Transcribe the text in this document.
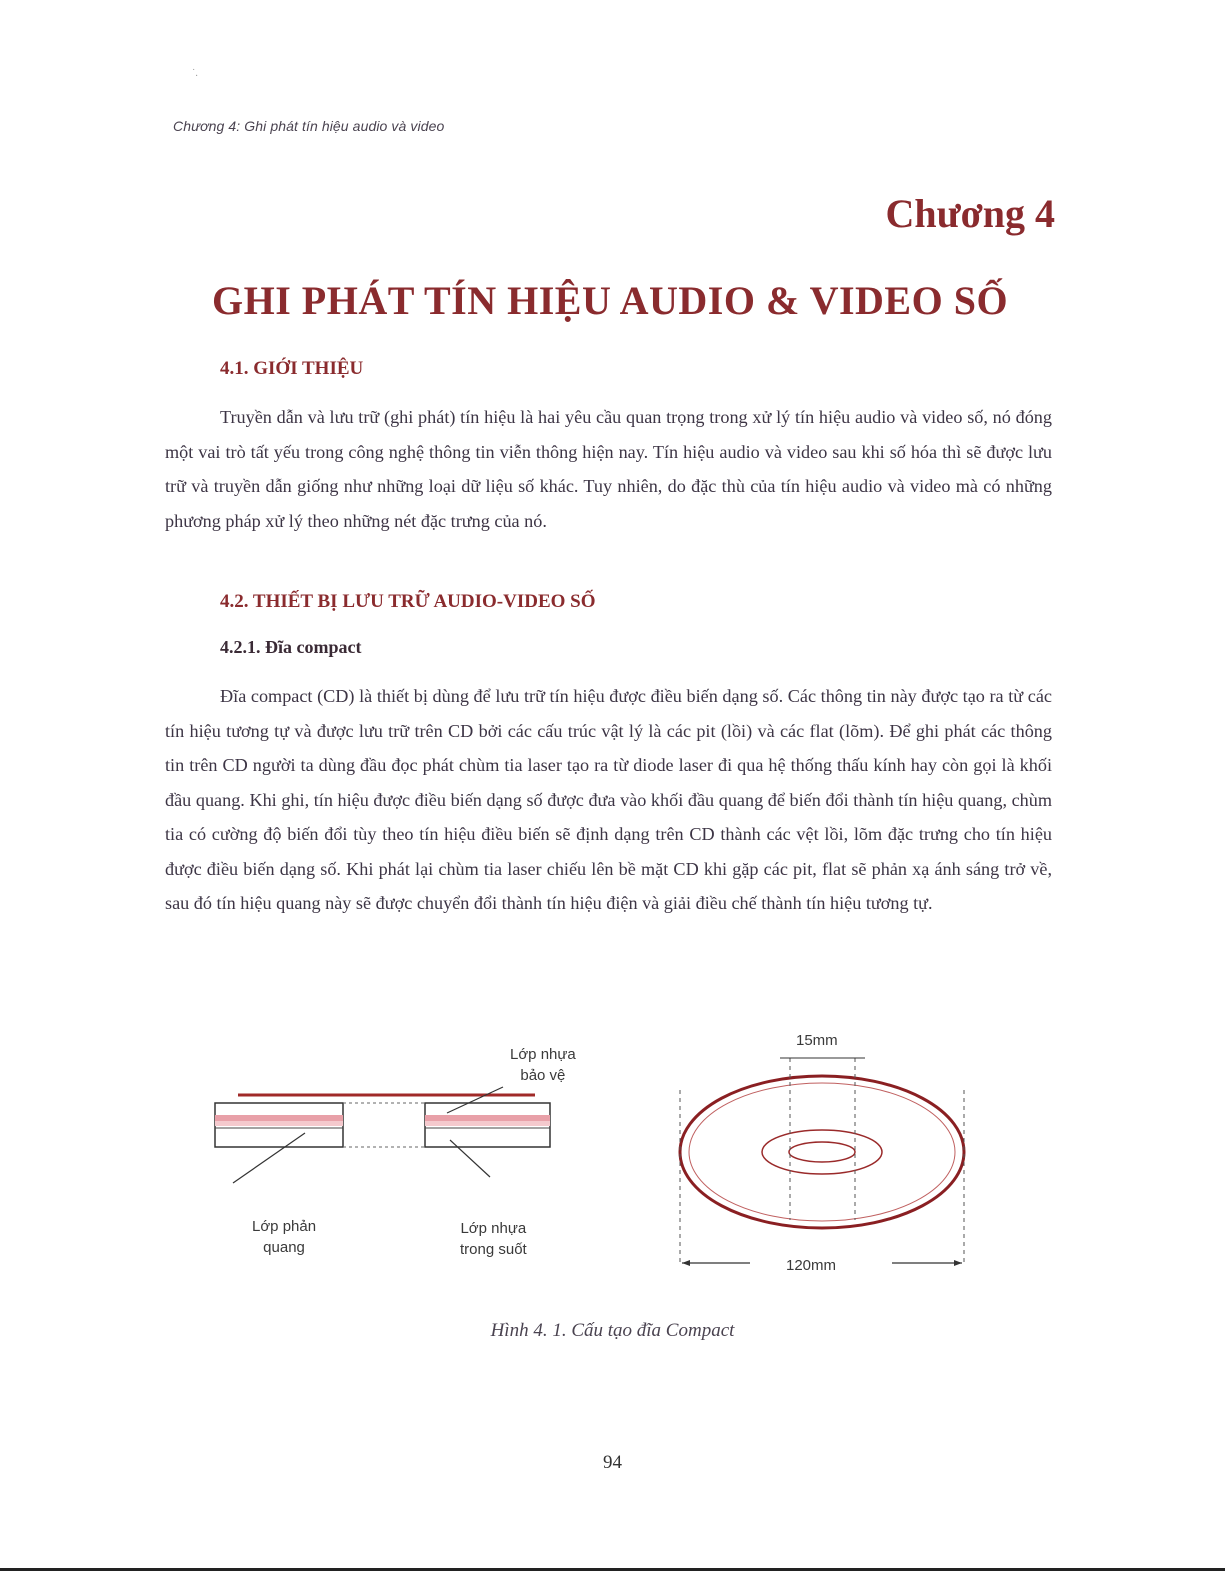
˙.
Chương 4: Ghi phát tín hiệu audio và video
Chương 4
GHI PHÁT TÍN HIỆU AUDIO & VIDEO SỐ
4.1. GIỚI THIỆU
Truyền dẫn và lưu trữ (ghi phát) tín hiệu là hai yêu cầu quan trọng trong xử lý tín hiệu audio và video số, nó đóng một vai trò tất yếu trong công nghệ thông tin viễn thông hiện nay. Tín hiệu audio và video sau khi số hóa thì sẽ được lưu trữ và truyền dẫn giống như những loại dữ liệu số khác. Tuy nhiên, do đặc thù của tín hiệu audio và video mà có những phương pháp xử lý theo những nét đặc trưng của nó.
4.2. THIẾT BỊ LƯU TRỮ AUDIO-VIDEO SỐ
4.2.1. Đĩa compact
Đĩa compact (CD) là thiết bị dùng để lưu trữ tín hiệu được điều biến dạng số. Các thông tin này được tạo ra từ các tín hiệu tương tự và được lưu trữ trên CD bởi các cấu trúc vật lý là các pit (lồi) và các flat (lõm). Để ghi phát các thông tin trên CD người ta dùng đầu đọc phát chùm tia laser tạo ra từ diode laser đi qua hệ thống thấu kính hay còn gọi là khối đầu quang. Khi ghi, tín hiệu được điều biến dạng số được đưa vào khối đầu quang để biến đổi thành tín hiệu quang, chùm tia có cường độ biến đổi tùy theo tín hiệu điều biến sẽ định dạng trên CD thành các vệt lồi, lõm đặc trưng cho tín hiệu được điều biến dạng số. Khi phát lại chùm tia laser chiếu lên bề mặt CD khi gặp các pit, flat sẽ phản xạ ánh sáng trở về, sau đó tín hiệu quang này sẽ được chuyển đổi thành tín hiệu điện và giải điều chế thành tín hiệu tương tự.
Lớp nhựa
bảo vệ
Lớp phản
quang
Lớp nhựa
trong suốt
15mm
120mm
Hình 4. 1. Cấu tạo đĩa Compact
94
